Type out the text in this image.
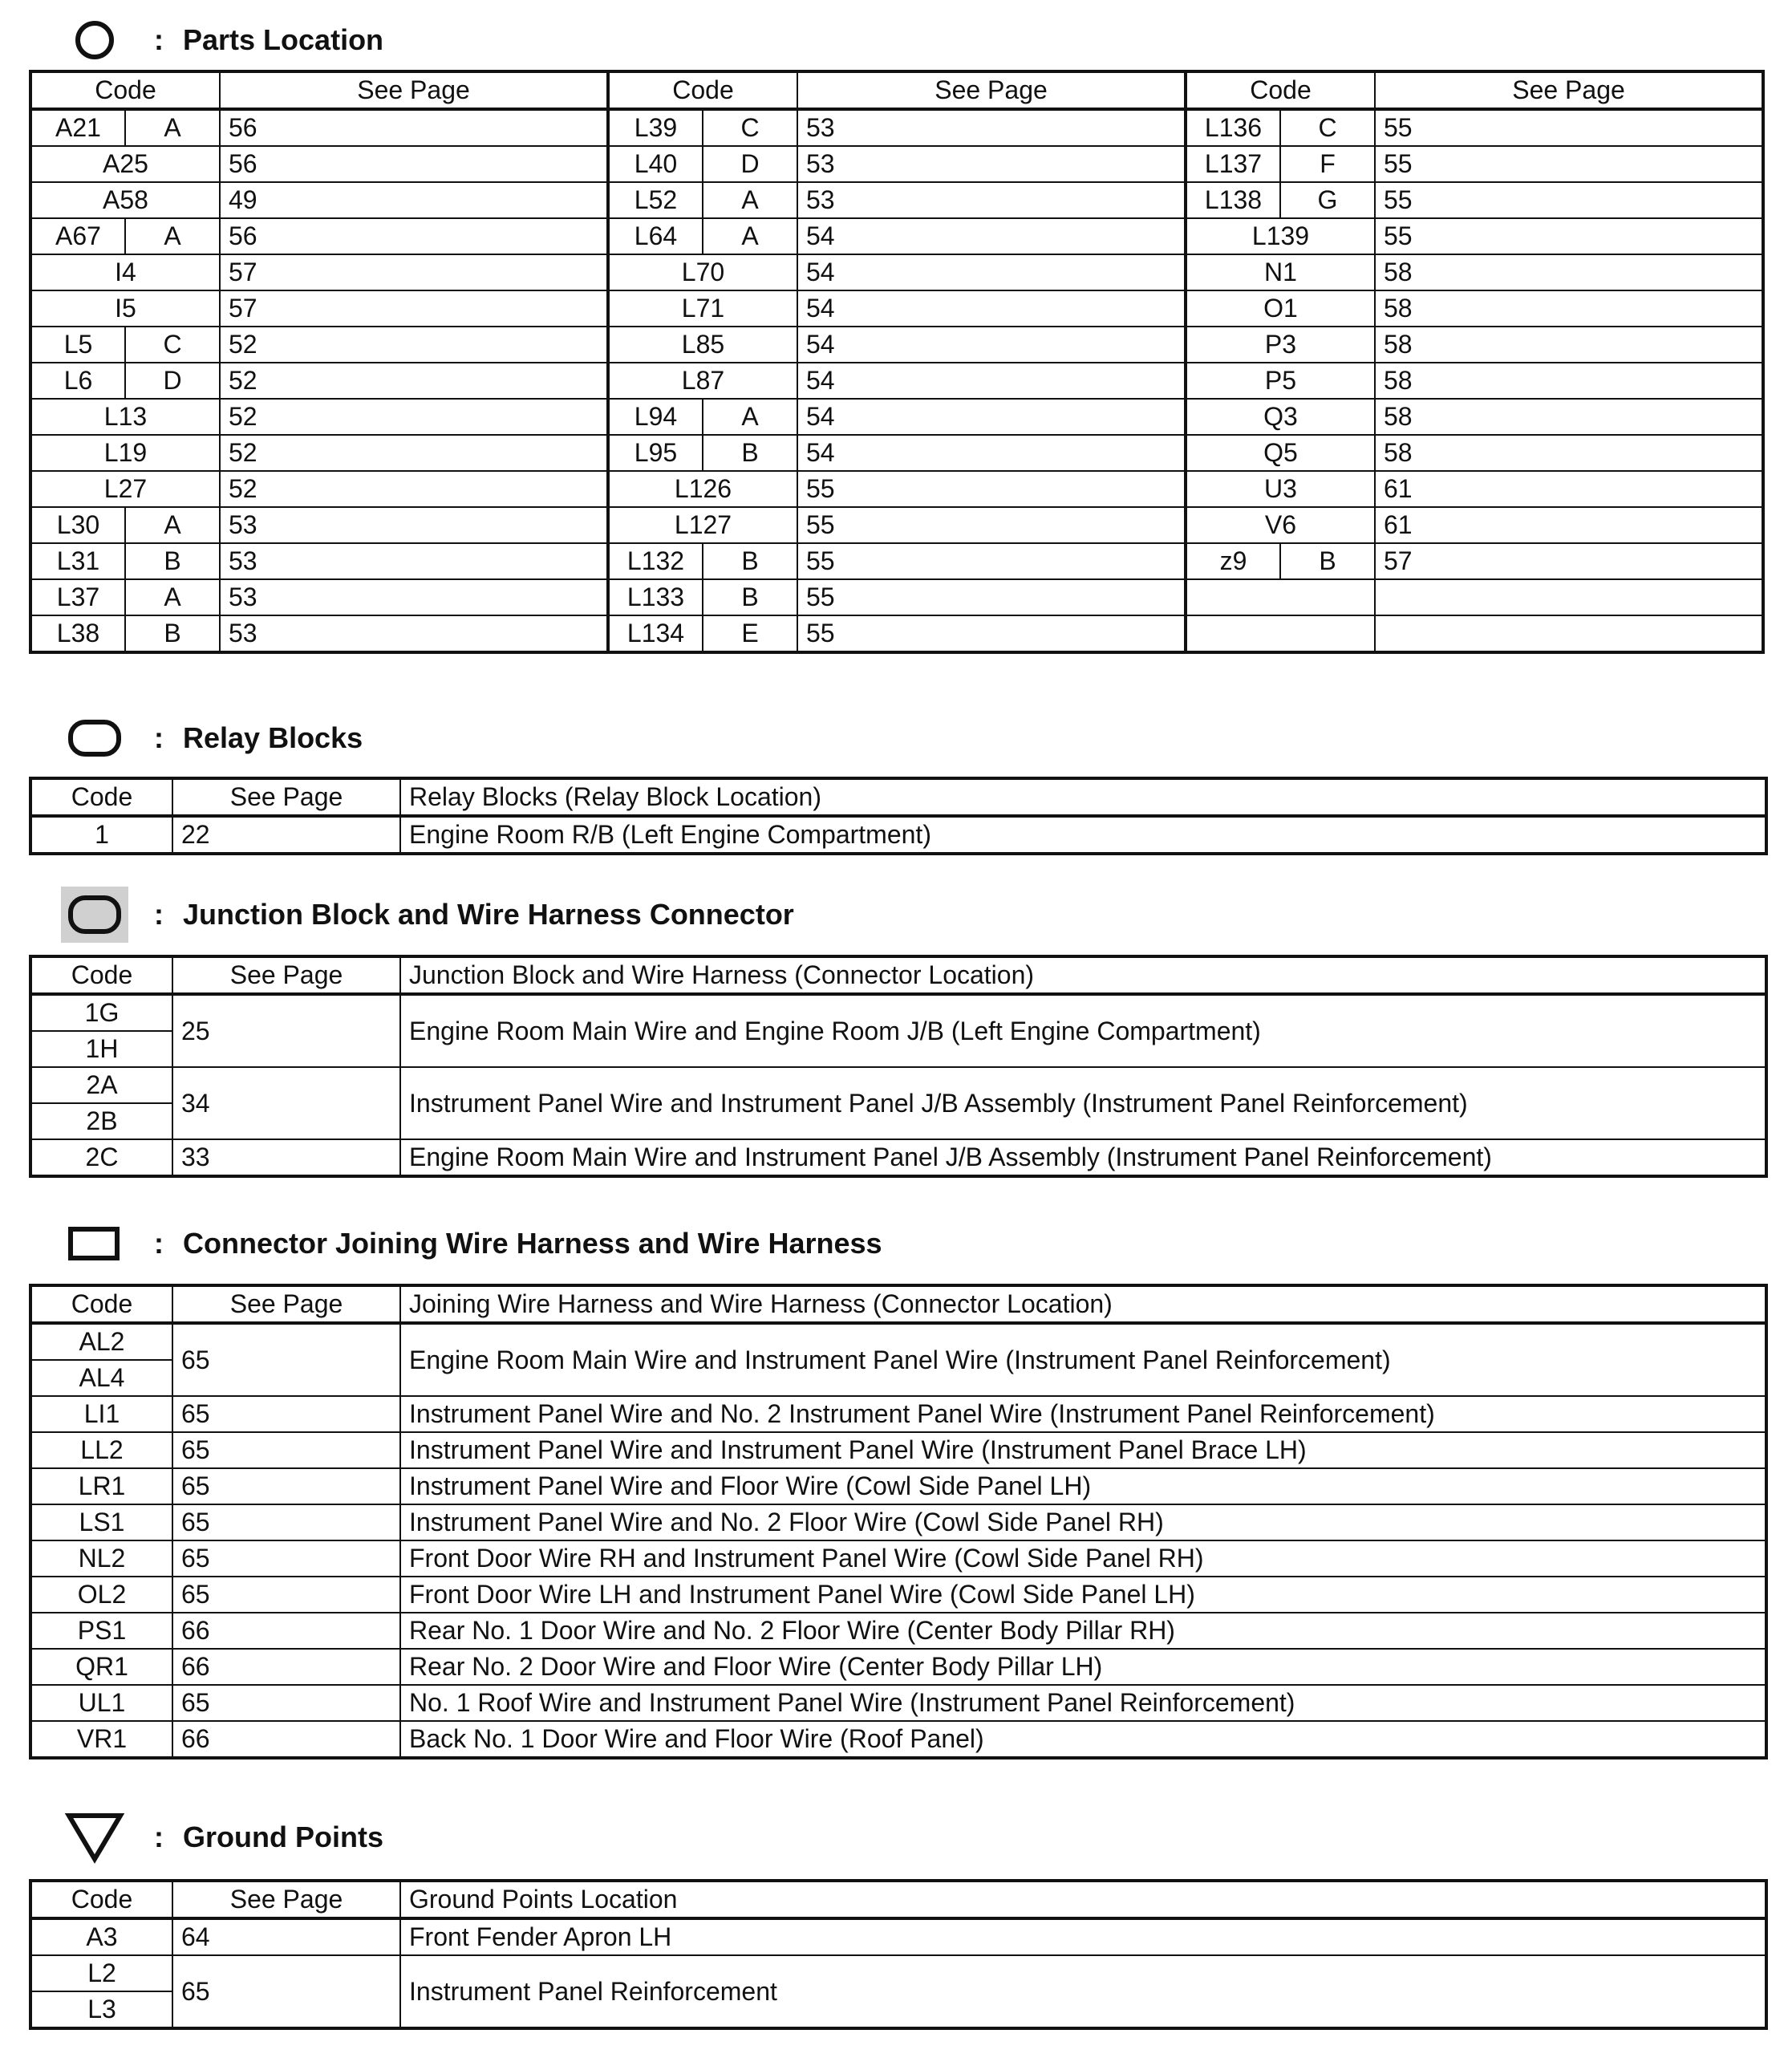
: Parts Location
Code		See Page	Code		See Page	Code		See Page
A21	A	56	L39	C	53	L136	C	55
A25		56	L40	D	53	L137	F	55
A58		49	L52	A	53	L138	G	55
A67	A	56	L64	A	54	L139		55
I4		57	L70		54	N1		58
I5		57	L71		54	O1		58
L5	C	52	L85		54	P3		58
L6	D	52	L87		54	P5		58
L13		52	L94	A	54	Q3		58
L19		52	L95	B	54	Q5		58
L27		52	L126		55	U3		61
L30	A	53	L127		55	V6		61
L31	B	53	L132	B	55	z9	B	57
L37	A	53	L133	B	55			
L38	B	53	L134	E	55			
: Relay Blocks
Code	See Page	Relay Blocks (Relay Block Location)
1	22	Engine Room R/B (Left Engine Compartment)
: Junction Block and Wire Harness Connector
Code	See Page	Junction Block and Wire Harness (Connector Location)
1G	25	Engine Room Main Wire and Engine Room J/B (Left Engine Compartment)
1H		
2A	34	Instrument Panel Wire and Instrument Panel J/B Assembly (Instrument Panel Reinforcement)
2B		
2C	33	Engine Room Main Wire and Instrument Panel J/B Assembly (Instrument Panel Reinforcement)
: Connector Joining Wire Harness and Wire Harness
Code	See Page	Joining Wire Harness and Wire Harness (Connector Location)
AL2	65	Engine Room Main Wire and Instrument Panel Wire (Instrument Panel Reinforcement)
AL4		
LI1	65	Instrument Panel Wire and No. 2 Instrument Panel Wire (Instrument Panel Reinforcement)
LL2	65	Instrument Panel Wire and Instrument Panel Wire (Instrument Panel Brace LH)
LR1	65	Instrument Panel Wire and Floor Wire (Cowl Side Panel LH)
LS1	65	Instrument Panel Wire and No. 2 Floor Wire (Cowl Side Panel RH)
NL2	65	Front Door Wire RH and Instrument Panel Wire (Cowl Side Panel RH)
OL2	65	Front Door Wire LH and Instrument Panel Wire (Cowl Side Panel LH)
PS1	66	Rear No. 1 Door Wire and No. 2 Floor Wire (Center Body Pillar RH)
QR1	66	Rear No. 2 Door Wire and Floor Wire (Center Body Pillar LH)
UL1	65	No. 1 Roof Wire and Instrument Panel Wire (Instrument Panel Reinforcement)
VR1	66	Back No. 1 Door Wire and Floor Wire (Roof Panel)
: Ground Points
Code	See Page	Ground Points Location
A3	64	Front Fender Apron LH
L2	65	Instrument Panel Reinforcement
L3		
